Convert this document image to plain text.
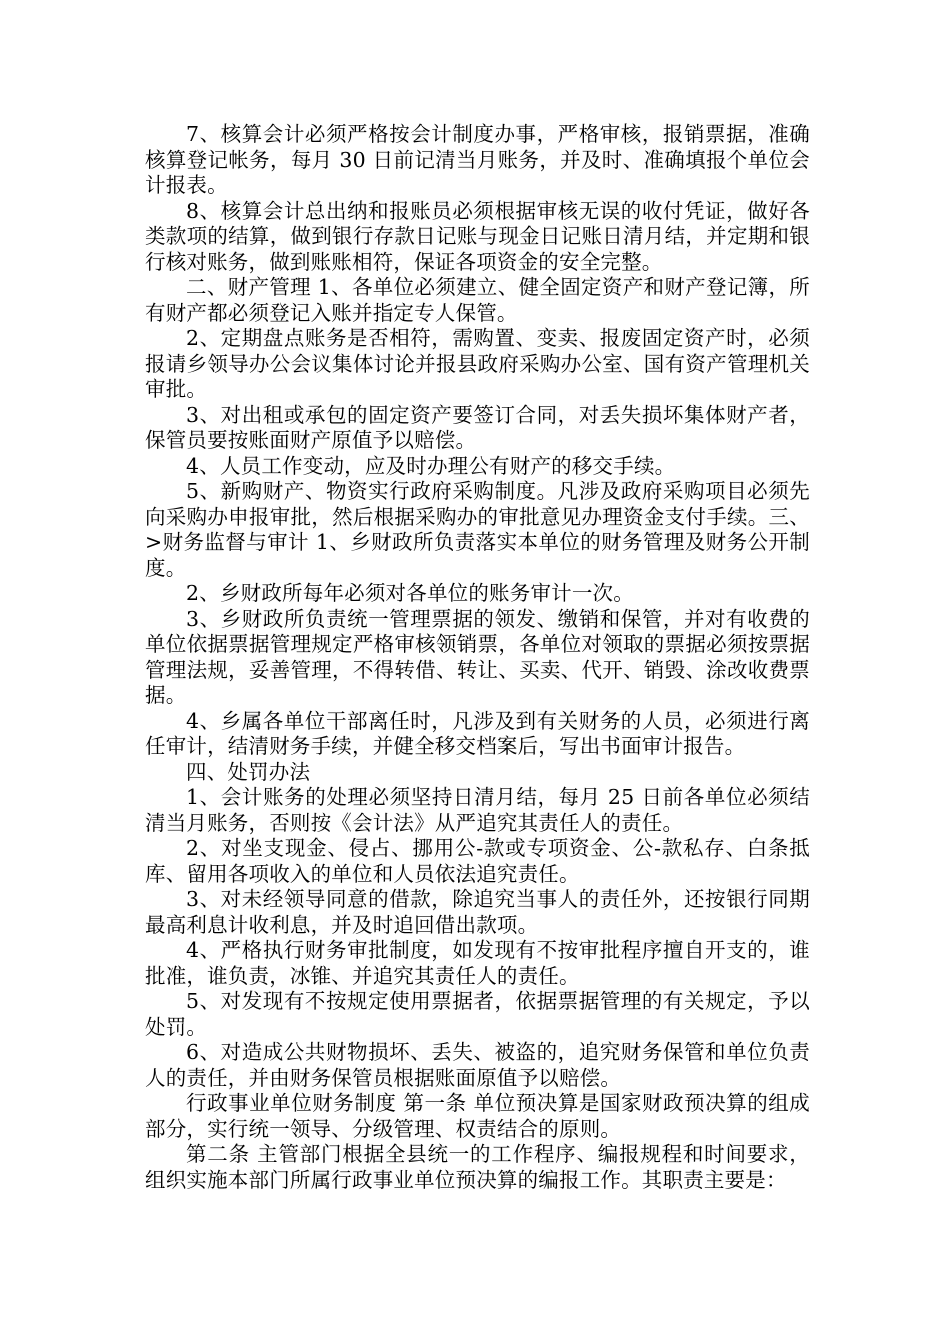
7、核算会计必须严格按会计制度办事，严格审核，报销票据，准确核算登记帐务，每月 30 日前记清当月账务，并及时、准确填报个单位会计报表。

8、核算会计总出纳和报账员必须根据审核无误的收付凭证，做好各类款项的结算，做到银行存款日记账与现金日记账日清月结，并定期和银行核对账务，做到账账相符，保证各项资金的安全完整。

二、财产管理 1、各单位必须建立、健全固定资产和财产登记簿，所有财产都必须登记入账并指定专人保管。

2、定期盘点账务是否相符，需购置、变卖、报废固定资产时，必须报请乡领导办公会议集体讨论并报县政府采购办公室、国有资产管理机关审批。

3、对出租或承包的固定资产要签订合同，对丢失损坏集体财产者，保管员要按账面财产原值予以赔偿。

4、人员工作变动，应及时办理公有财产的移交手续。

5、新购财产、物资实行政府采购制度。凡涉及政府采购项目必须先向采购办申报审批，然后根据采购办的审批意见办理资金支付手续。三、>财务监督与审计 1、乡财政所负责落实本单位的财务管理及财务公开制度。

2、乡财政所每年必须对各单位的账务审计一次。

3、乡财政所负责统一管理票据的领发、缴销和保管，并对有收费的单位依据票据管理规定严格审核领销票，各单位对领取的票据必须按票据管理法规，妥善管理，不得转借、转让、买卖、代开、销毁、涂改收费票据。

4、乡属各单位干部离任时，凡涉及到有关财务的人员，必须进行离任审计，结清财务手续，并健全移交档案后，写出书面审计报告。

四、处罚办法

1、会计账务的处理必须坚持日清月结，每月 25 日前各单位必须结清当月账务，否则按《会计法》从严追究其责任人的责任。

2、对坐支现金、侵占、挪用公-款或专项资金、公-款私存、白条抵库、留用各项收入的单位和人员依法追究责任。

3、对未经领导同意的借款，除追究当事人的责任外，还按银行同期最高利息计收利息，并及时追回借出款项。

4、严格执行财务审批制度，如发现有不按审批程序擅自开支的，谁批准，谁负责，冰锥、并追究其责任人的责任。

5、对发现有不按规定使用票据者，依据票据管理的有关规定，予以处罚。

6、对造成公共财物损坏、丢失、被盗的，追究财务保管和单位负责人的责任，并由财务保管员根据账面原值予以赔偿。

行政事业单位财务制度 第一条 单位预决算是国家财政预决算的组成部分，实行统一领导、分级管理、权责结合的原则。

第二条 主管部门根据全县统一的工作程序、编报规程和时间要求，组织实施本部门所属行政事业单位预决算的编报工作。其职责主要是：
